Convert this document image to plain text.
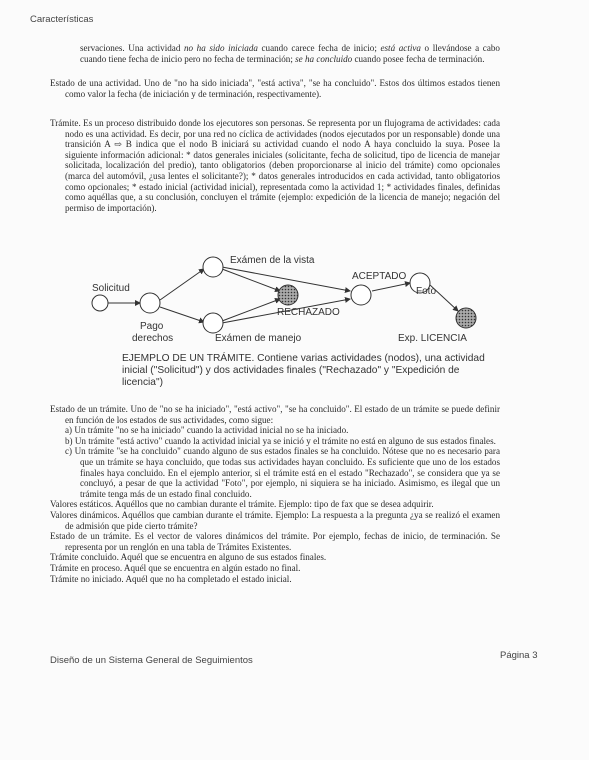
Características

servaciones. Una actividad no ha sido iniciada cuando carece fecha de inicio; está activa o llevándose a cabo cuando tiene fecha de inicio pero no fecha de terminación; se ha concluido cuando posee fecha de terminación.

Estado de una actividad. Uno de "no ha sido iniciada", "está activa", "se ha concluido". Estos dos últimos estados tienen como valor la fecha (de iniciación y de terminación, respectivamente).

Trámite. Es un proceso distribuido donde los ejecutores son personas. Se representa por un flujograma de actividades: cada nodo es una actividad. Es decir, por una red no cíclica de actividades (nodos ejecutados por un responsable) donde una transición A ⇨ B indica que el nodo B iniciará su actividad cuando el nodo A haya concluido la suya. Posee la siguiente información adicional: * datos generales iniciales (solicitante, fecha de solicitud, tipo de licencia de manejar solicitada, localización del predio), tanto obligatorios (deben proporcionarse al inicio del trámite) como opcionales (marca del automóvil, ¿usa lentes el solicitante?); * datos generales introducidos en cada actividad, tanto obligatorios como opcionales; * estado inicial (actividad inicial), representada como la actividad 1; * actividades finales, definidas como aquéllas que, a su conclusión, concluyen el trámite (ejemplo: expedición de la licencia de manejo; negación del permiso de importación).

Solicitud
Exámen de la vista
ACEPTADO
Foto
RECHAZADO
Pago
derechos	Exámen de manejo	Exp. LICENCIA
EJEMPLO DE UN TRÁMITE. Contiene varias actividades (nodos), una actividad inicial ("Solicitud") y dos actividades finales ("Rechazado" y "Expedición de licencia")

Estado de un trámite. Uno de "no se ha iniciado", "está activo", "se ha concluido". El estado de un trámite se puede definir en función de los estados de sus actividades, como sigue:

a) Un trámite "no se ha iniciado" cuando la actividad inicial no se ha iniciado.

b) Un trámite "está activo" cuando la actividad inicial ya se inició y el trámite no está en alguno de sus estados finales.

c) Un trámite "se ha concluido" cuando alguno de sus estados finales se ha concluido. Nótese que no es necesario para que un trámite se haya concluido, que todas sus actividades hayan concluido. Es suficiente que uno de los estados finales haya concluido. En el ejemplo anterior, si el trámite está en el estado "Rechazado", se considera que ya se concluyó, a pesar de que la actividad "Foto", por ejemplo, ni siquiera se ha iniciado. Asimismo, es ilegal que un trámite tenga más de un estado final concluido.

Valores estáticos. Aquéllos que no cambian durante el trámite. Ejemplo: tipo de fax que se desea adquirir.

Valores dinámicos. Aquéllos que cambian durante el trámite. Ejemplo: La respuesta a la pregunta ¿ya se realizó el examen de admisión que pide cierto trámite?

Estado de un trámite. Es el vector de valores dinámicos del trámite. Por ejemplo, fechas de inicio, de terminación. Se representa por un renglón en una tabla de Trámites Existentes.

Trámite concluido. Aquél que se encuentra en alguno de sus estados finales.

Trámite en proceso. Aquél que se encuentra en algún estado no final.

Trámite no iniciado. Aquél que no ha completado el estado inicial.

Diseño de un Sistema General de Seguimientos	Página 3
